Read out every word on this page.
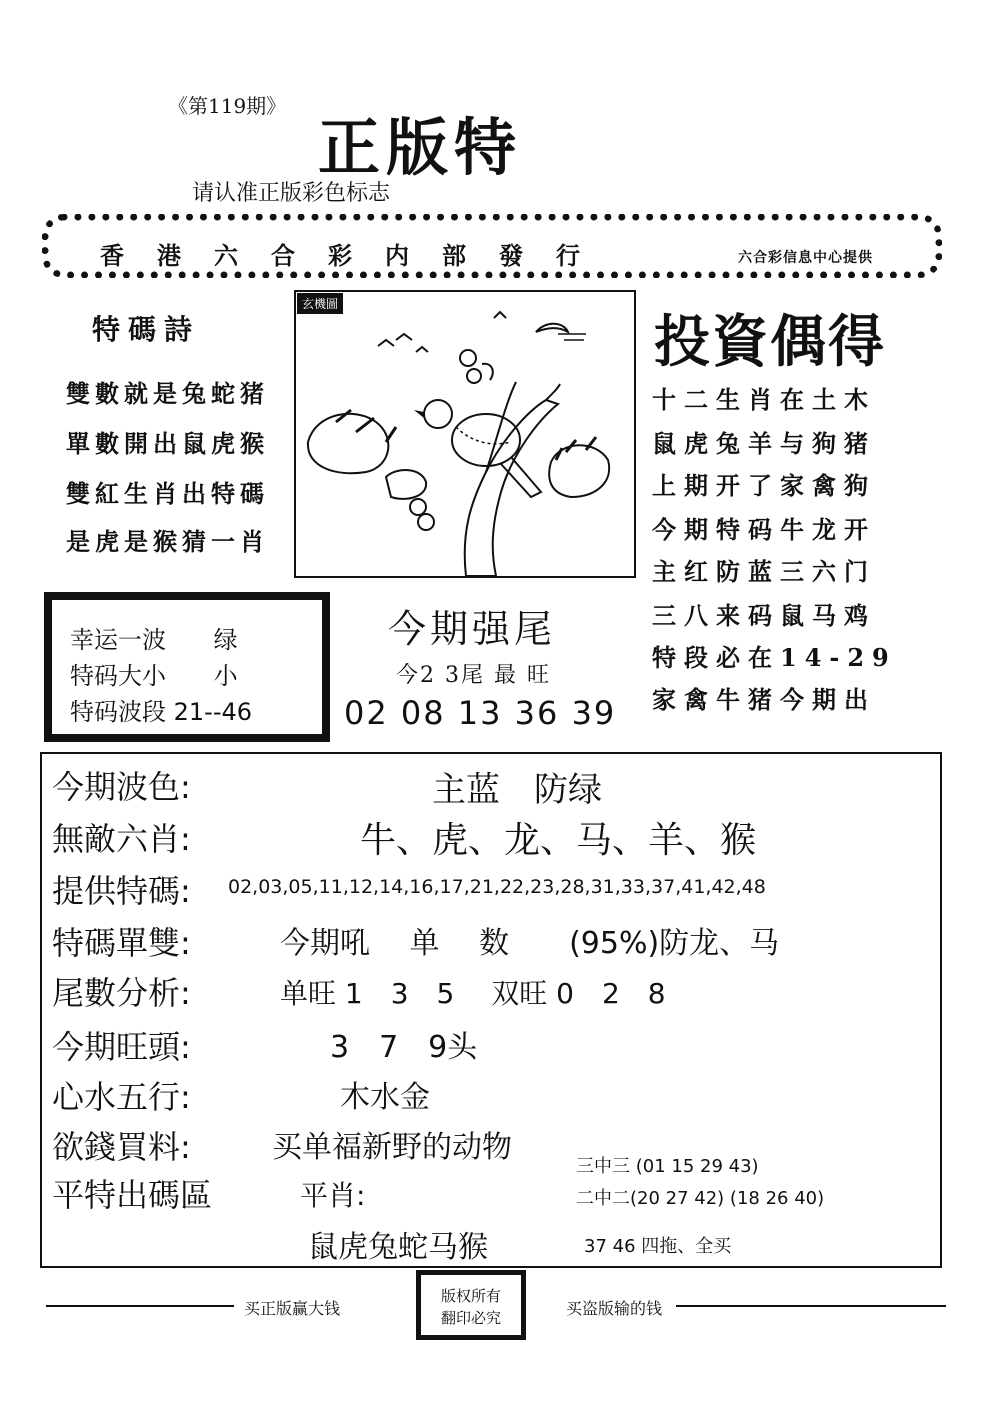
《第119期》
正版特
请认准正版彩色标志
香港六合彩内部發行	六合彩信息中心提供
特碼詩
雙數就是兔蛇猪
單數開出鼠虎猴
雙紅生肖出特碼
是虎是猴猜一肖
玄機圖
投資偶得
十二生肖在土木
鼠虎兔羊与狗猪
上期开了家禽狗
今期特码牛龙开
主红防蓝三六门
三八来码鼠马鸡
特段必在14-29
家禽牛猪今期出
幸运一波 绿
特码大小 小
特码波段 21--46
今期强尾
今2 3尾 最 旺
02 08 13 36 39
今期波色:	主蓝　防绿
無敵六肖:	牛、虎、龙、马、羊、猴
提供特碼: 02,03,05,11,12,14,16,17,21,22,23,28,31,33,37,41,42,48
特碼單雙:	今期吼　 单　 数　　(95%)防龙、马
尾數分析:	单旺 1　3　5　 双旺 0　2　8
今期旺頭:	3　7　9头
心水五行:	木水金
欲錢買料:	买单福新野的动物
平特出碼區	平肖:
鼠虎兔蛇马猴
三中三 (01 15 29 43)
二中二(20 27 42) (18 26 40)
37 46 四拖、全买
买正版赢大钱
版权所有
翻印必究	买盗版输的钱
